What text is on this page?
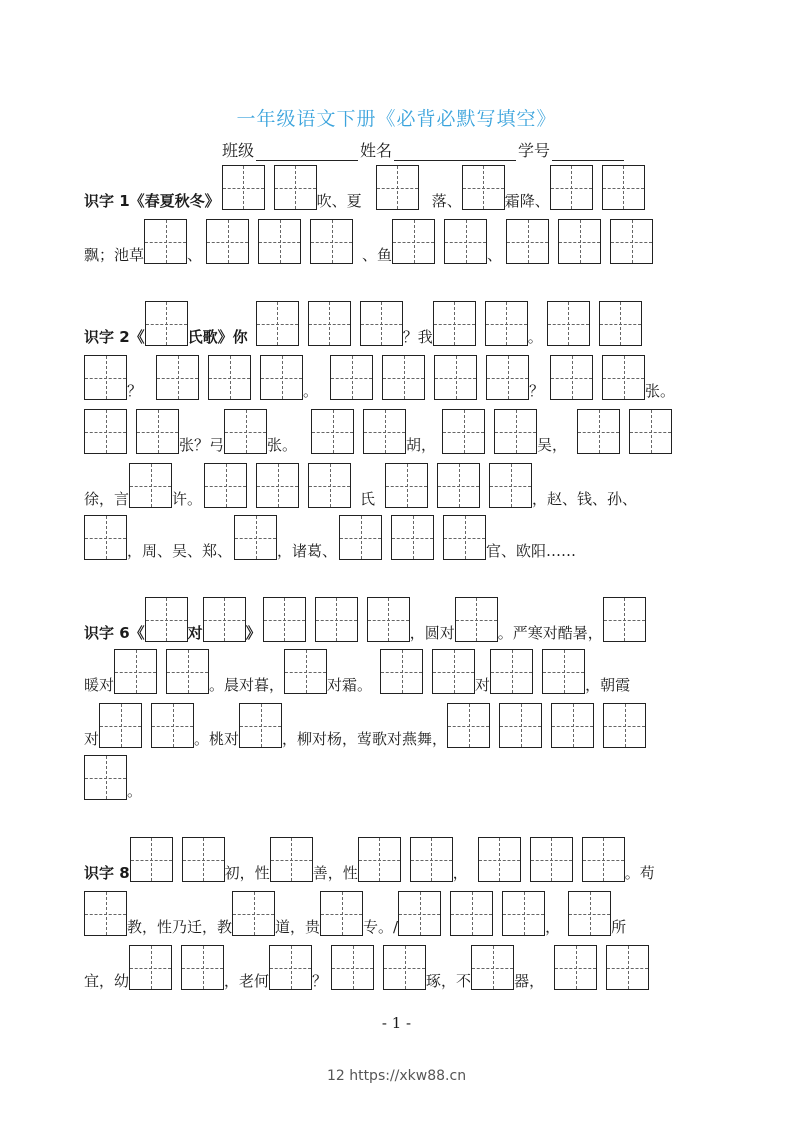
一年级语文下册《必背必默写填空》
班级	姓名	学号
识字 1《春夏秋冬》	吹、夏	落、	霜降、
飘；池草	、	、鱼	、
识字 2《	氏歌》你	？我	。
？	。	？	张。
张？弓	张。	胡，	吴，
徐，言	许。	氏	，赵、钱、孙、
，周、吴、郑、	，诸葛、	官、欧阳……
识字 6《	对	》	，圆对	。严寒对酷暑，
暖对	。晨对暮，	对霜。	对	，朝霞
对	。桃对	，柳对杨，莺歌对燕舞，
。
识字 8	初，性	善，性	，	。苟
教，性乃迁，教	道，贵	专。/	，	所
宜，幼	，老何	？	琢，不	器，
- 1 -
12 https://xkw88.cn
